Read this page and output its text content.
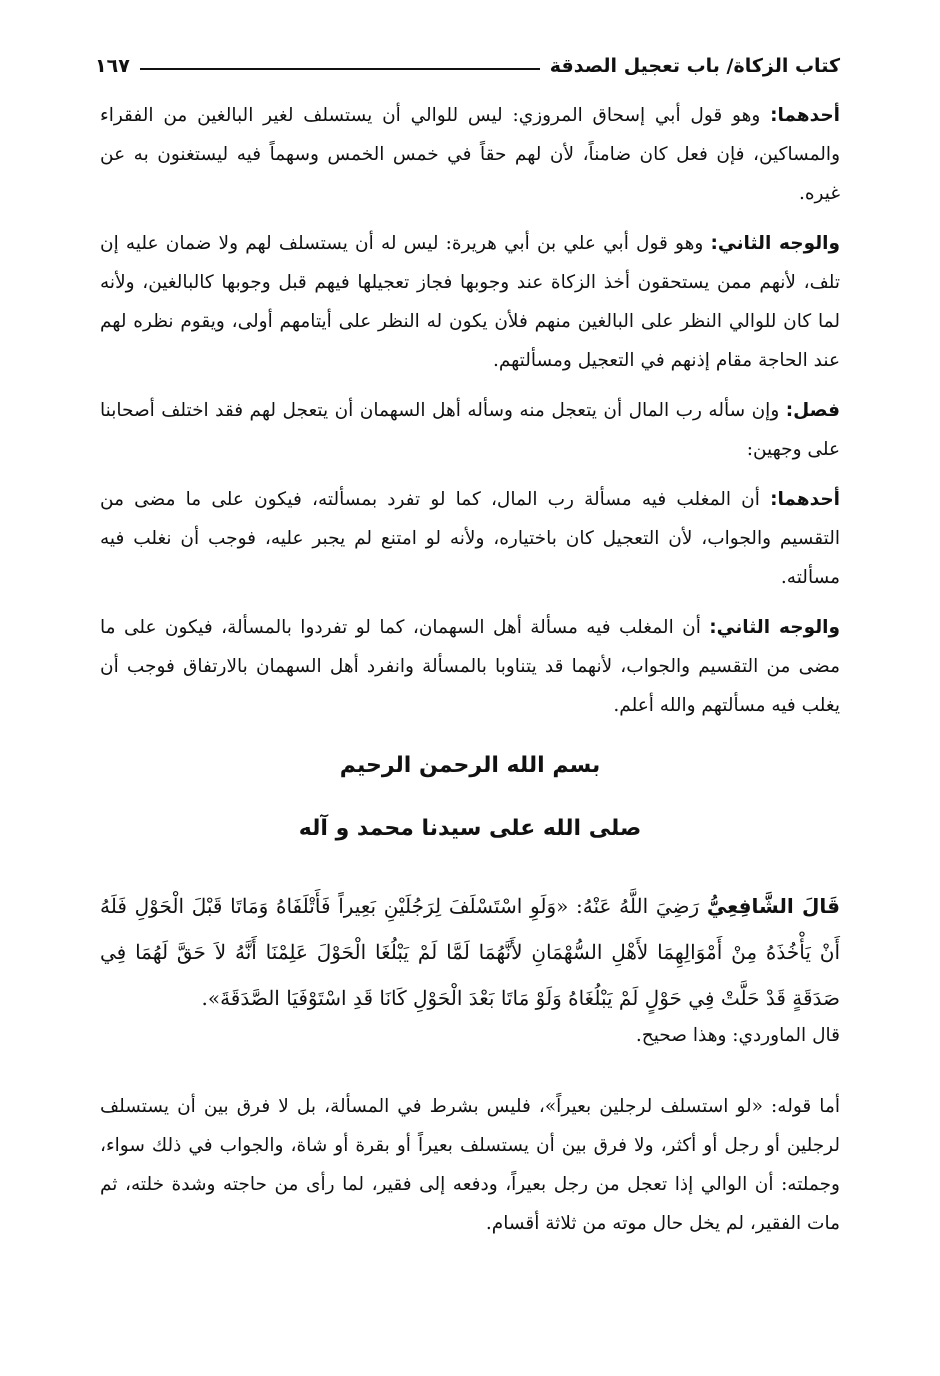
كتاب الزكاة/ باب تعجيل الصدقة
١٦٧

أحدهما: وهو قول أبي إسحاق المروزي: ليس للوالي أن يستسلف لغير البالغين من الفقراء والمساكين، فإن فعل كان ضامناً، لأن لهم حقاً في خمس الخمس وسهماً فيه ليستغنون به عن غيره.

والوجه الثاني: وهو قول أبي علي بن أبي هريرة: ليس له أن يستسلف لهم ولا ضمان عليه إن تلف، لأنهم ممن يستحقون أخذ الزكاة عند وجوبها فجاز تعجيلها فيهم قبل وجوبها كالبالغين، ولأنه لما كان للوالي النظر على البالغين منهم فلأن يكون له النظر على أيتامهم أولى، ويقوم نظره لهم عند الحاجة مقام إذنهم في التعجيل ومسألتهم.

فصل: وإن سأله رب المال أن يتعجل منه وسأله أهل السهمان أن يتعجل لهم فقد اختلف أصحابنا على وجهين:

أحدهما: أن المغلب فيه مسألة رب المال، كما لو تفرد بمسألته، فيكون على ما مضى من التقسيم والجواب، لأن التعجيل كان باختياره، ولأنه لو امتنع لم يجبر عليه، فوجب أن نغلب فيه مسألته.

والوجه الثاني: أن المغلب فيه مسألة أهل السهمان، كما لو تفردوا بالمسألة، فيكون على ما مضى من التقسيم والجواب، لأنهما قد يتناوبا بالمسألة وانفرد أهل السهمان بالارتفاق فوجب أن يغلب فيه مسألتهم والله أعلم.

بسم الله الرحمن الرحيم
صلى الله على سيدنا محمد و آله

قَالَ الشَّافِعِيُّ رَضِيَ اللَّهُ عَنْهُ: «وَلَوِ اسْتَسْلَفَ لِرَجُلَيْنِ بَعِيراً فَأَتْلَفَاهُ وَمَاتَا قَبْلَ الْحَوْلِ فَلَهُ أَنْ يَأْخُذَهُ مِنْ أَمْوَالِهِمَا لأَهْلِ السُّهْمَانِ لأَنَّهُمَا لَمَّا لَمْ يَبْلُغَا الْحَوْلَ عَلِمْنَا أَنَّهُ لاَ حَقَّ لَهُمَا فِي صَدَقَةٍ قَدْ حَلَّتْ فِي حَوْلٍ لَمْ يَبْلُغَاهُ وَلَوْ مَاتَا بَعْدَ الْحَوْلِ كَانَا قَدِ اسْتَوْفَيَا الصَّدَقَةَ».

قال الماوردي: وهذا صحيح.

أما قوله: «لو استسلف لرجلين بعيراً»، فليس بشرط في المسألة، بل لا فرق بين أن يستسلف لرجلين أو رجل أو أكثر، ولا فرق بين أن يستسلف بعيراً أو بقرة أو شاة، والجواب في ذلك سواء، وجملته: أن الوالي إذا تعجل من رجل بعيراً، ودفعه إلى فقير، لما رأى من حاجته وشدة خلته، ثم مات الفقير، لم يخل حال موته من ثلاثة أقسام.
